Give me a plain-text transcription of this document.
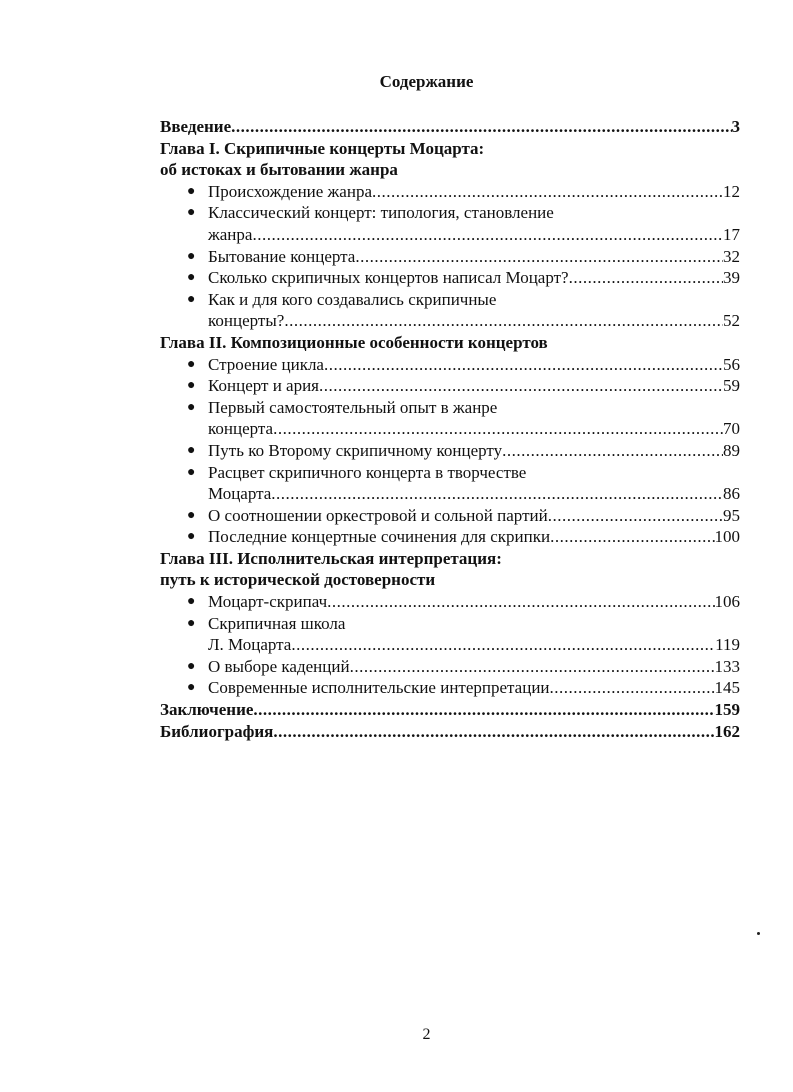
Содержание
Введение .....	3
Глава I. Скрипичные концерты Моцарта:
об истоках и бытовании жанра
● Происхождение жанра .....	12
● Классический концерт: типология, становление
жанра .....	17
● Бытование концерта .....	32
● Сколько скрипичных концертов написал Моцарт? .....	39
● Как и для кого создавались скрипичные
концерты? .....	52
Глава II. Композиционные особенности концертов
● Строение цикла .....	56
● Концерт и ария .....	59
● Первый самостоятельный опыт в жанре
концерта .....	70
● Путь ко Второму скрипичному концерту .....	89
● Расцвет скрипичного концерта в творчестве
Моцарта .....	86
● О соотношении оркестровой и сольной партий .....	95
● Последние концертные сочинения для скрипки .....	100
Глава III. Исполнительская интерпретация:
путь к исторической достоверности
● Моцарт-скрипач .....	106
● Скрипичная школа
Л. Моцарта .....	119
● О выборе каденций .....	133
● Современные исполнительские интерпретации .....	145
Заключение .....	159
Библиография .....	162
2
